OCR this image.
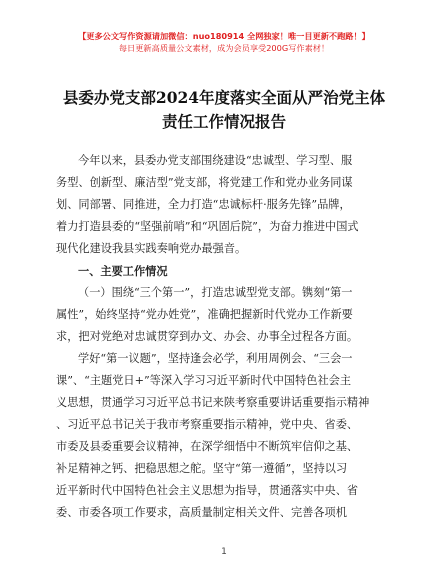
【更多公文写作资源请加微信：nuo180914 全网独家！唯一目更新不跑路！】
每日更新高质量公文素材，成为会员享受200G写作素材！
县委办党支部2024年度落实全面从严治党主体
责任工作情况报告
今年以来，县委办党支部围绕建设“忠诚型、学习型、服
务型、创新型、廉洁型”党支部，将党建工作和党办业务同谋
划、同部署、同推进，全力打造“忠诚标杆·服务先锋”品牌，
着力打造县委的“坚强前哨”和“巩固后院”，为奋力推进中国式
现代化建设我县实践奏响党办最强音。
一、主要工作情况
（一）围绕“三个第一”，打造忠诚型党支部。镌刻“第一
属性”，始终坚持“党办姓党”，准确把握新时代党办工作新要
求，把对党绝对忠诚贯穿到办文、办会、办事全过程各方面。
学好“第一议题”，坚持逢会必学，利用周例会、“三会一
课”、“主题党日+”等深入学习习近平新时代中国特色社会主
义思想，贯通学习习近平总书记来陕考察重要讲话重要指示精神
、习近平总书记关于我市考察重要指示精神，党中央、省委、
市委及县委重要会议精神，在深学细悟中不断筑牢信仰之基、
补足精神之钙、把稳思想之舵。坚守“第一遵循”，坚持以习
近平新时代中国特色社会主义思想为指导，贯通落实中央、省
委、市委各项工作要求，高质量制定相关文件、完善各项机
1
